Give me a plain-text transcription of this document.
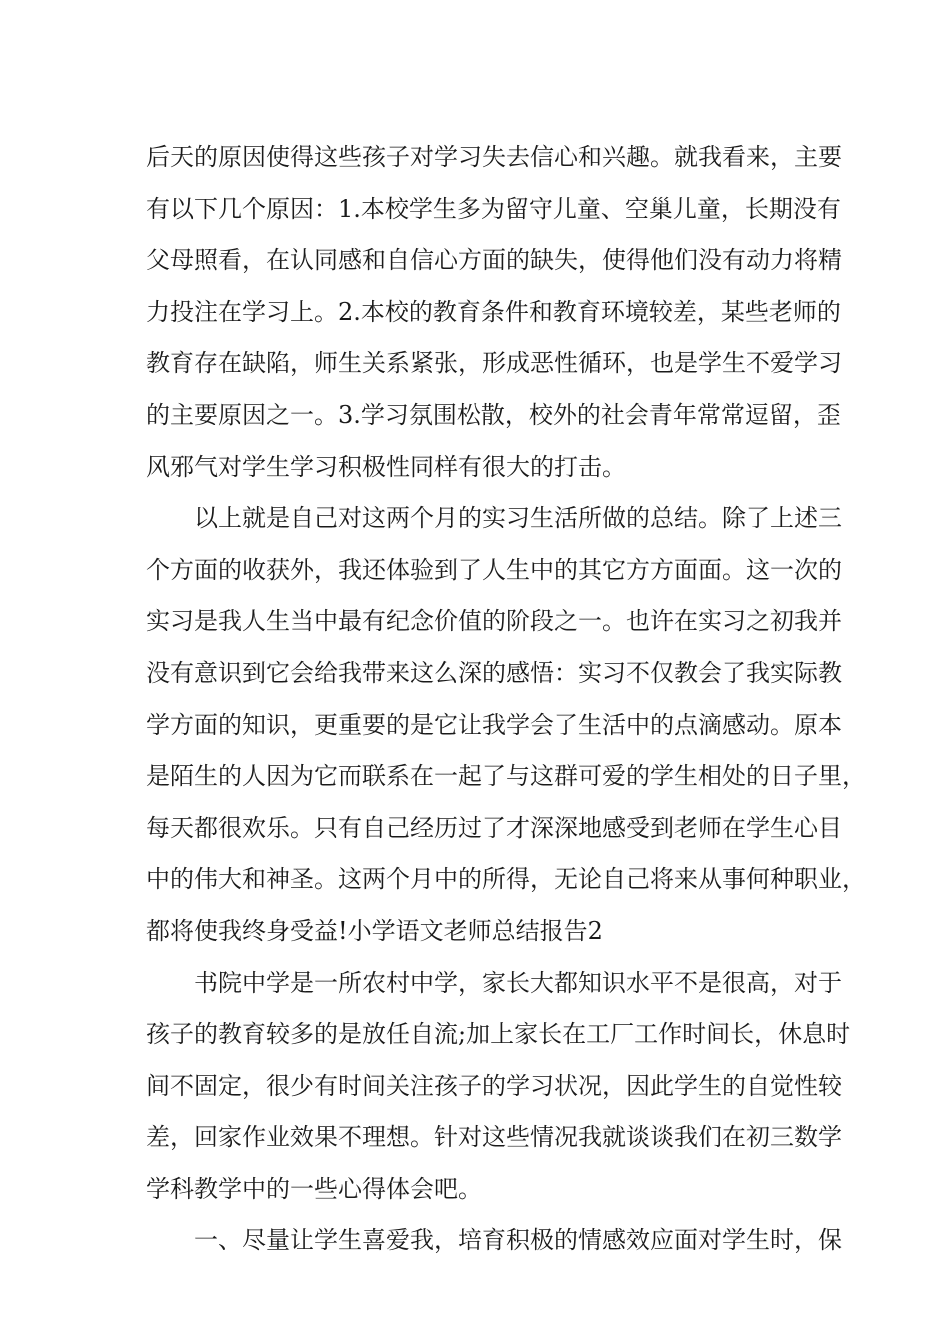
后天的原因使得这些孩子对学习失去信心和兴趣。就我看来，主要
有以下几个原因：1.本校学生多为留守儿童、空巢儿童，长期没有
父母照看，在认同感和自信心方面的缺失，使得他们没有动力将精
力投注在学习上。2.本校的教育条件和教育环境较差，某些老师的
教育存在缺陷，师生关系紧张，形成恶性循环，也是学生不爱学习
的主要原因之一。3.学习氛围松散，校外的社会青年常常逗留，歪
风邪气对学生学习积极性同样有很大的打击。
以上就是自己对这两个月的实习生活所做的总结。除了上述三
个方面的收获外，我还体验到了人生中的其它方方面面。这一次的
实习是我人生当中最有纪念价值的阶段之一。也许在实习之初我并
没有意识到它会给我带来这么深的感悟：实习不仅教会了我实际教
学方面的知识，更重要的是它让我学会了生活中的点滴感动。原本
是陌生的人因为它而联系在一起了与这群可爱的学生相处的日子里，
每天都很欢乐。只有自己经历过了才深深地感受到老师在学生心目
中的伟大和神圣。这两个月中的所得，无论自己将来从事何种职业，
都将使我终身受益!小学语文老师总结报告2
书院中学是一所农村中学，家长大都知识水平不是很高，对于
孩子的教育较多的是放任自流;加上家长在工厂工作时间长，休息时
间不固定，很少有时间关注孩子的学习状况，因此学生的自觉性较
差，回家作业效果不理想。针对这些情况我就谈谈我们在初三数学
学科教学中的一些心得体会吧。
一、尽量让学生喜爱我，培育积极的情感效应面对学生时，保
